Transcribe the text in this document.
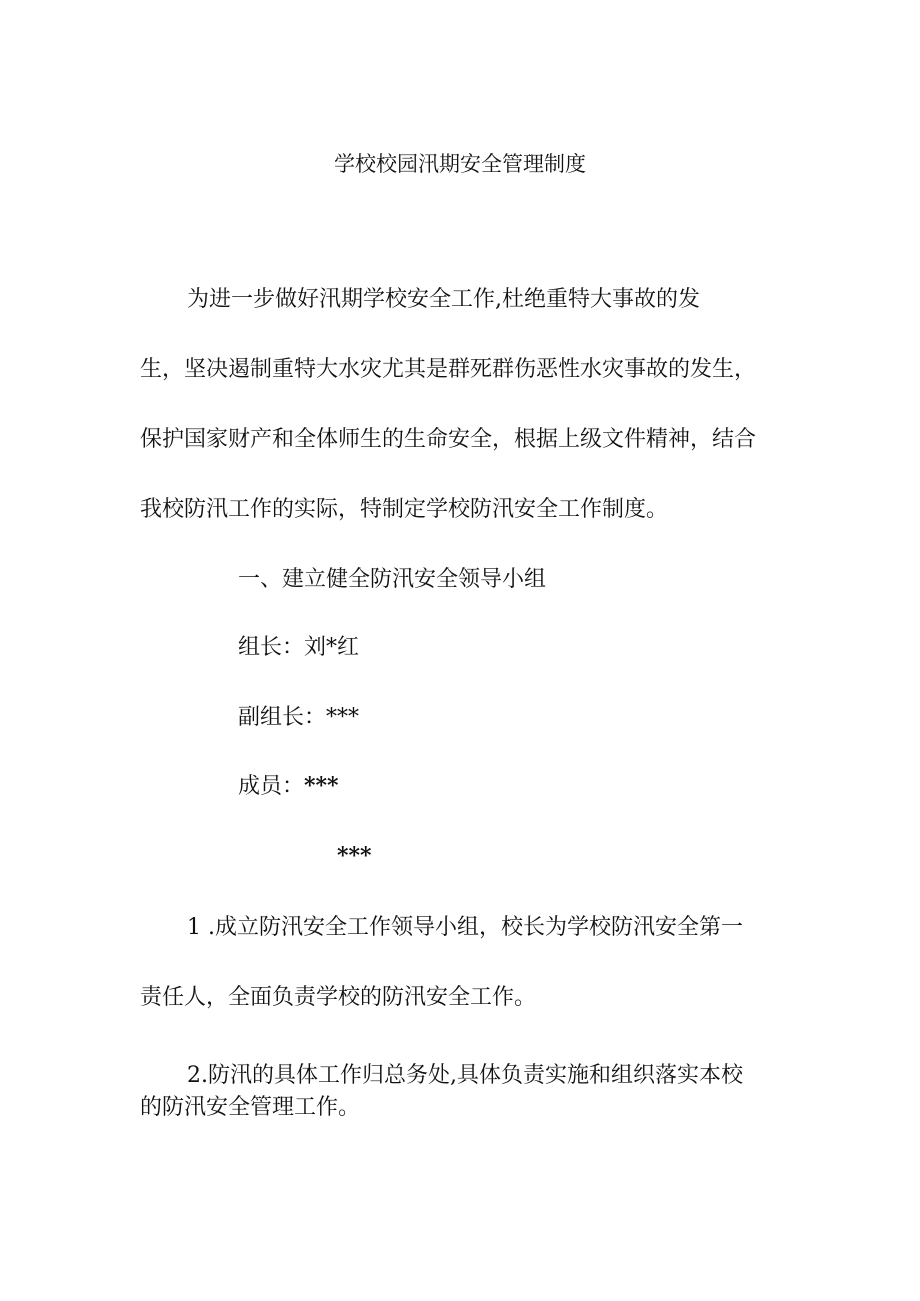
学校校园汛期安全管理制度
为进一步做好汛期学校安全工作,杜绝重特大事故的发
生，坚决遏制重特大水灾尤其是群死群伤恶性水灾事故的发生，
保护国家财产和全体师生的生命安全，根据上级文件精神，结合
我校防汛工作的实际，特制定学校防汛安全工作制度。
一、建立健全防汛安全领导小组
组长：刘*红
副组长：***
成员：***
***
1 .成立防汛安全工作领导小组，校长为学校防汛安全第一
责任人，全面负责学校的防汛安全工作。
2.防汛的具体工作归总务处,具体负责实施和组织落实本校
的防汛安全管理工作。
